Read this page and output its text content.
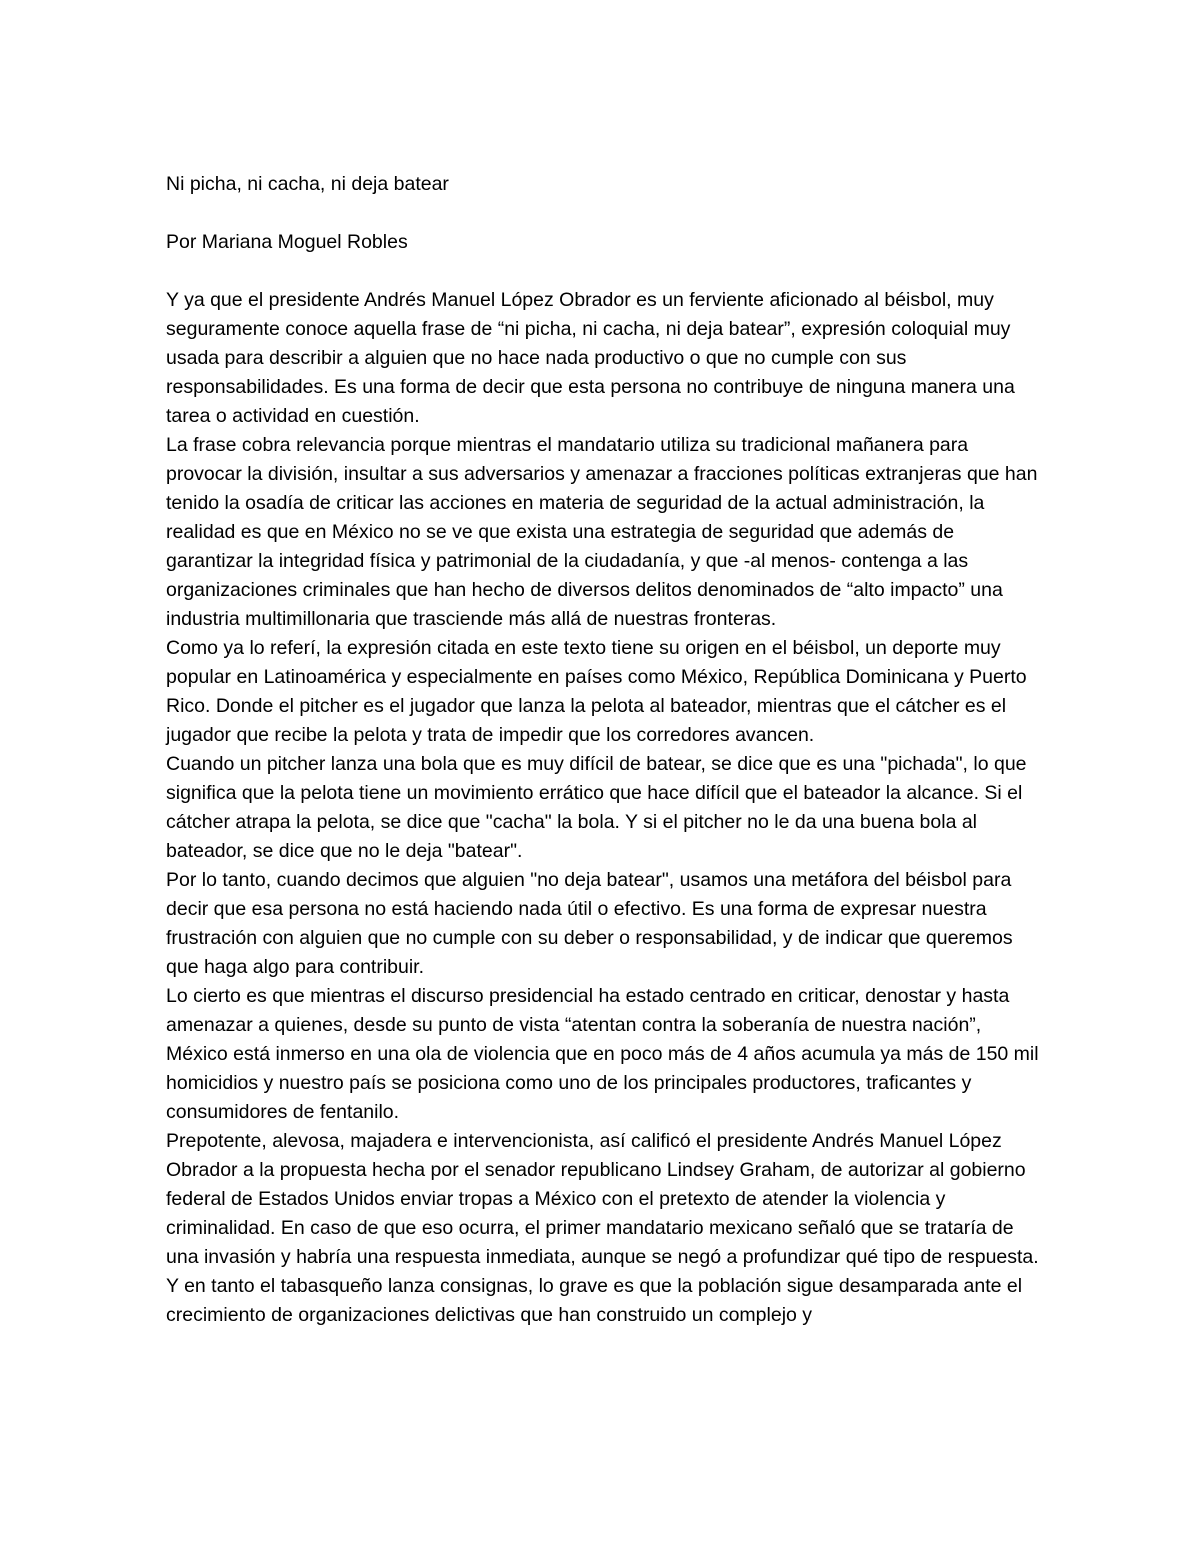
Ni picha, ni cacha, ni deja batear

Por Mariana Moguel Robles

Y ya que el presidente Andrés Manuel López Obrador es un ferviente aficionado al béisbol, muy seguramente conoce aquella frase de “ni picha, ni cacha, ni deja batear”, expresión coloquial muy usada para describir a alguien que no hace nada productivo o que no cumple con sus responsabilidades. Es una forma de decir que esta persona no contribuye de ninguna manera una tarea o actividad en cuestión.

La frase cobra relevancia porque mientras el mandatario utiliza su tradicional mañanera para provocar la división, insultar a sus adversarios y amenazar a fracciones políticas extranjeras que han tenido la osadía de criticar las acciones en materia de seguridad de la actual administración, la realidad es que en México no se ve que exista una estrategia de seguridad que además de garantizar la integridad física y patrimonial de la ciudadanía, y que -al menos- contenga a las organizaciones criminales que han hecho de diversos delitos denominados de “alto impacto” una industria multimillonaria que trasciende más allá de nuestras fronteras.

Como ya lo referí, la expresión citada en este texto tiene su origen en el béisbol, un deporte muy popular en Latinoamérica y especialmente en países como México, República Dominicana y Puerto Rico. Donde el pitcher es el jugador que lanza la pelota al bateador, mientras que el cátcher es el jugador que recibe la pelota y trata de impedir que los corredores avancen.

Cuando un pitcher lanza una bola que es muy difícil de batear, se dice que es una "pichada", lo que significa que la pelota tiene un movimiento errático que hace difícil que el bateador la alcance. Si el cátcher atrapa la pelota, se dice que "cacha" la bola. Y si el pitcher no le da una buena bola al bateador, se dice que no le deja "batear".

Por lo tanto, cuando decimos que alguien "no deja batear", usamos una metáfora del béisbol para decir que esa persona no está haciendo nada útil o efectivo. Es una forma de expresar nuestra frustración con alguien que no cumple con su deber o responsabilidad, y de indicar que queremos que haga algo para contribuir.

Lo cierto es que mientras el discurso presidencial ha estado centrado en criticar, denostar y hasta amenazar a quienes, desde su punto de vista “atentan contra la soberanía de nuestra nación”, México está inmerso en una ola de violencia que en poco más de 4 años acumula ya más de 150 mil homicidios y nuestro país se posiciona como uno de los principales productores, traficantes y consumidores de fentanilo.

Prepotente, alevosa, majadera e intervencionista, así calificó el presidente Andrés Manuel López Obrador a la propuesta hecha por el senador republicano Lindsey Graham, de autorizar al gobierno federal de Estados Unidos enviar tropas a México con el pretexto de atender la violencia y criminalidad. En caso de que eso ocurra, el primer mandatario mexicano señaló que se trataría de una invasión y habría una respuesta inmediata, aunque se negó a profundizar qué tipo de respuesta.

Y en tanto el tabasqueño lanza consignas, lo grave es que la población sigue desamparada ante el crecimiento de organizaciones delictivas que han construido un complejo y
